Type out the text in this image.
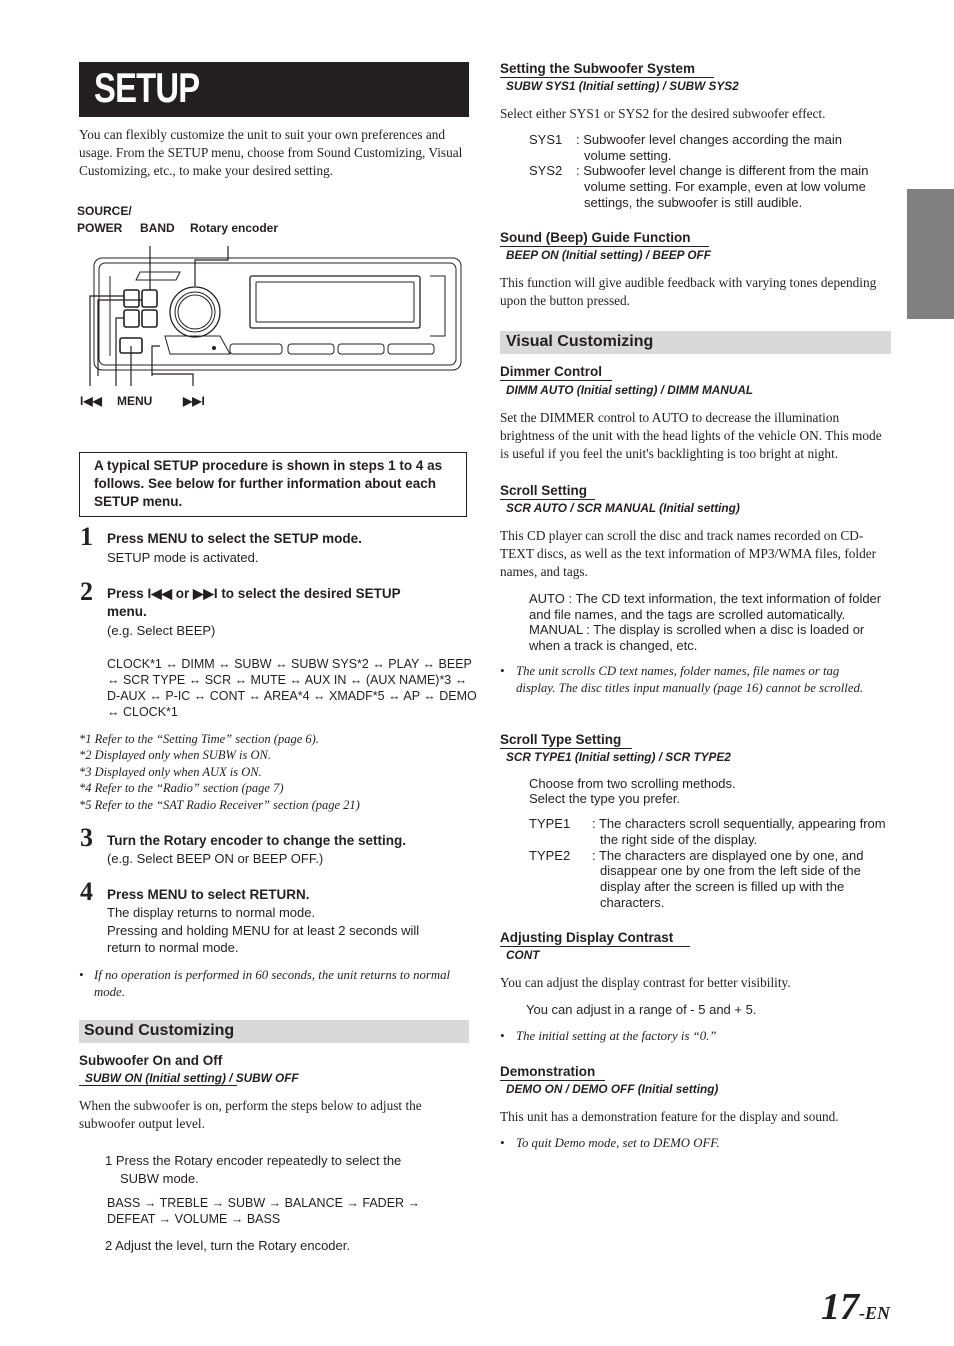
SETUP
You can flexibly customize the unit to suit your own preferences and usage. From the SETUP menu, choose from Sound Customizing, Visual Customizing, etc., to make your desired setting.
SOURCE/
POWER BAND Rotary encoder
I◀◀ MENU	▶▶I
A typical SETUP procedure is shown in steps 1 to 4 as follows. See below for further information about each SETUP menu.
1 Press MENU to select the SETUP mode.
SETUP mode is activated.
2 Press I◀◀ or ▶▶I to select the desired SETUP
menu.
(e.g. Select BEEP)
CLOCK*1 ↔ DIMM ↔ SUBW ↔ SUBW SYS*2 ↔ PLAY ↔ BEEP
↔ SCR TYPE ↔ SCR ↔ MUTE ↔ AUX IN ↔ (AUX NAME)*3 ↔
D-AUX ↔ P-IC ↔ CONT ↔ AREA*4 ↔ XMADF*5 ↔ AP ↔ DEMO
↔ CLOCK*1
*1 Refer to the “Setting Time” section (page 6).
*2 Displayed only when SUBW is ON.
*3 Displayed only when AUX is ON.
*4 Refer to the “Radio” section (page 7)
*5 Refer to the “SAT Radio Receiver” section (page 21)
3 Turn the Rotary encoder to change the setting.
(e.g. Select BEEP ON or BEEP OFF.)
4 Press MENU to select RETURN.
The display returns to normal mode.
Pressing and holding MENU for at least 2 seconds will
return to normal mode.
• If no operation is performed in 60 seconds, the unit returns to normal mode.
Sound Customizing
Subwoofer On and Off
SUBW ON (Initial setting) / SUBW OFF
When the subwoofer is on, perform the steps below to adjust the subwoofer output level.
1 Press the Rotary encoder repeatedly to select the
SUBW mode.
BASS → TREBLE → SUBW → BALANCE → FADER →
DEFEAT → VOLUME → BASS
2 Adjust the level, turn the Rotary encoder.
Setting the Subwoofer System
SUBW SYS1 (Initial setting) / SUBW SYS2
Select either SYS1 or SYS2 for the desired subwoofer effect.
SYS1 : Subwoofer level changes according the main
volume setting.
SYS2 : Subwoofer level change is different from the main
volume setting. For example, even at low volume
settings, the subwoofer is still audible.
Sound (Beep) Guide Function
BEEP ON (Initial setting) / BEEP OFF
This function will give audible feedback with varying tones depending upon the button pressed.
Visual Customizing
Dimmer Control
DIMM AUTO (Initial setting) / DIMM MANUAL
Set the DIMMER control to AUTO to decrease the illumination brightness of the unit with the head lights of the vehicle ON. This mode is useful if you feel the unit's backlighting is too bright at night.
Scroll Setting
SCR AUTO / SCR MANUAL (Initial setting)
This CD player can scroll the disc and track names recorded on CD-TEXT discs, as well as the text information of MP3/WMA files, folder names, and tags.
AUTO : The CD text information, the text information of folder and file names, and the tags are scrolled automatically.
MANUAL : The display is scrolled when a disc is loaded or when a track is changed, etc.
• The unit scrolls CD text names, folder names, file names or tag display. The disc titles input manually (page 16) cannot be scrolled.
Scroll Type Setting
SCR TYPE1 (Initial setting) / SCR TYPE2
Choose from two scrolling methods.
Select the type you prefer.
TYPE1 : The characters scroll sequentially, appearing from
the right side of the display.
TYPE2 : The characters are displayed one by one, and
disappear one by one from the left side of the
display after the screen is filled up with the
characters.
Adjusting Display Contrast
CONT
You can adjust the display contrast for better visibility.
You can adjust in a range of - 5 and + 5.
• The initial setting at the factory is “0.”
Demonstration
DEMO ON / DEMO OFF (Initial setting)
This unit has a demonstration feature for the display and sound.
• To quit Demo mode, set to DEMO OFF.
17-EN
